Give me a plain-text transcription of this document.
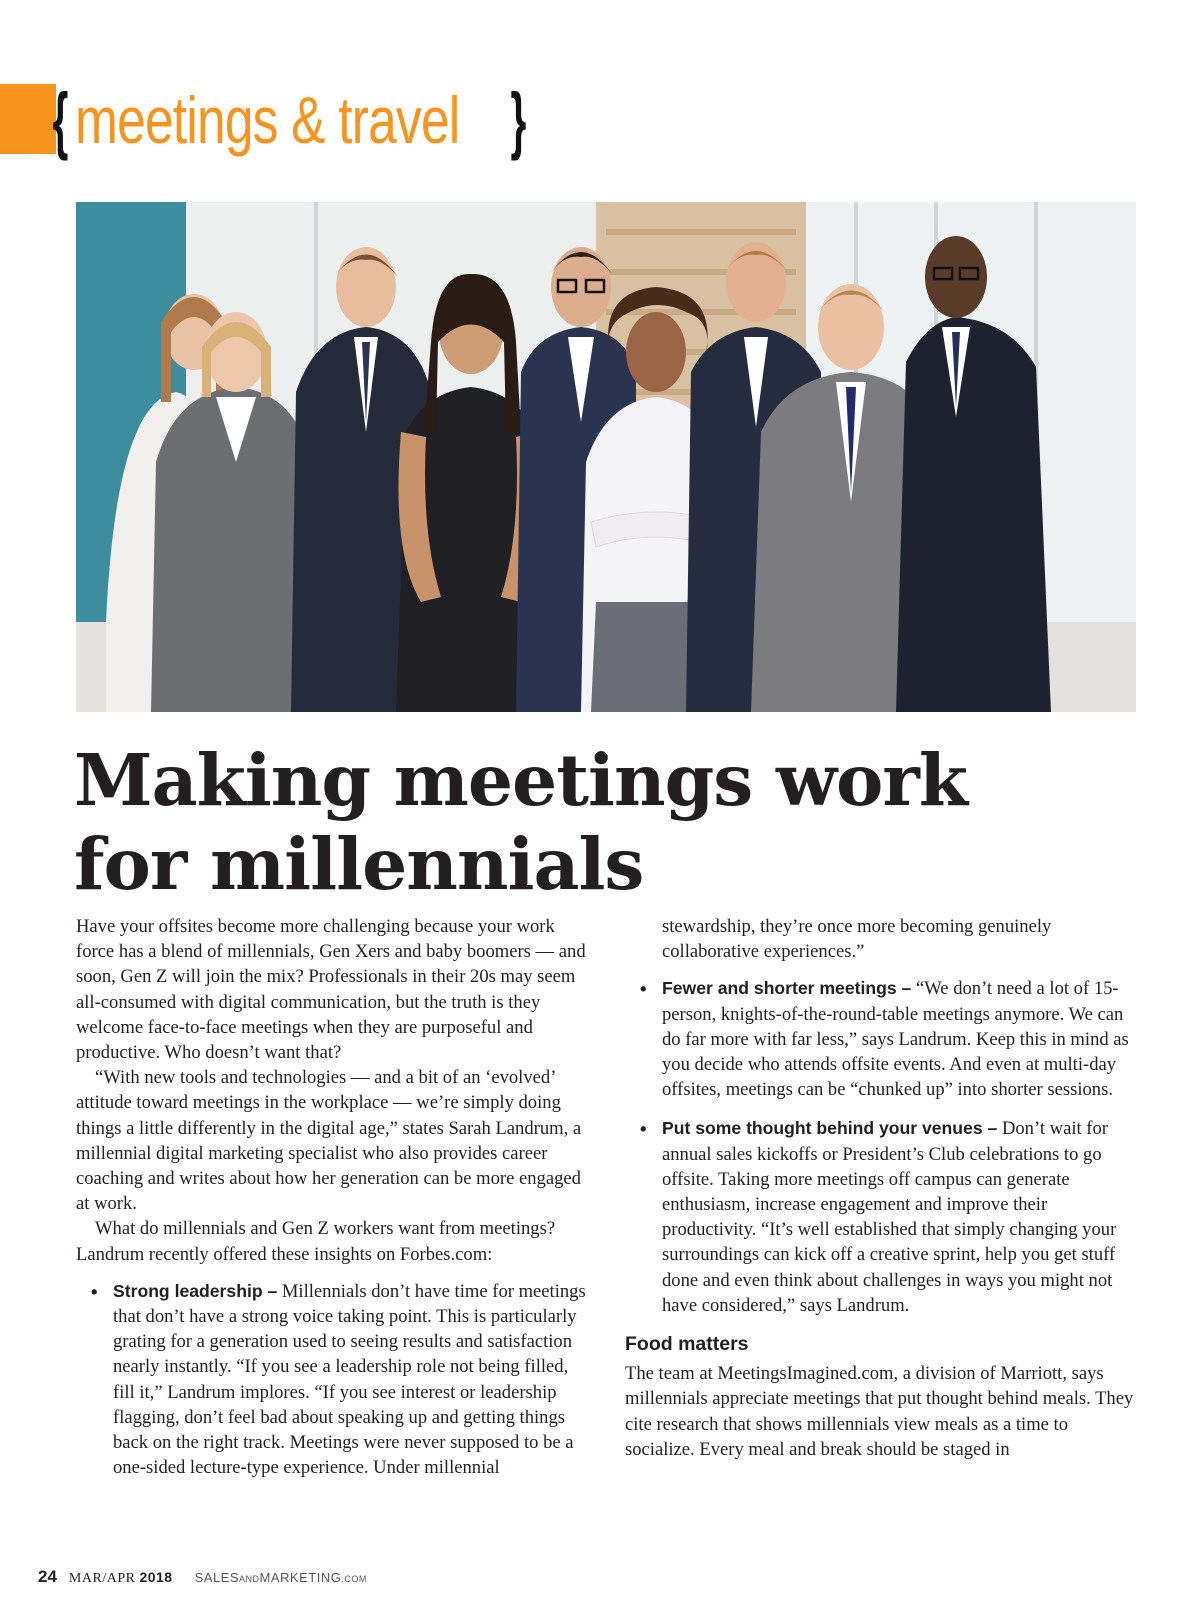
{ meetings & travel }
Making meetings work
for millennials

Have your offsites become more challenging because your work force has a blend of millennials, Gen Xers and baby boomers — and soon, Gen Z will join the mix? Professionals in their 20s may seem all-consumed with digital communication, but the truth is they welcome face-to-face meetings when they are purposeful and productive. Who doesn’t want that?

“With new tools and technologies — and a bit of an ‘evolved’ attitude toward meetings in the workplace — we’re simply doing things a little differently in the digital age,” states Sarah Landrum, a millennial digital marketing specialist who also provides career coaching and writes about how her generation can be more engaged at work.

What do millennials and Gen Z workers want from meetings? Landrum recently offered these insights on Forbes.com:

• Strong leadership – Millennials don’t have time for meetings that don’t have a strong voice taking point. This is particularly grating for a generation used to seeing results and satisfaction nearly instantly. “If you see a leadership role not being filled, fill it,” Landrum implores. “If you see interest or leadership flagging, don’t feel bad about speaking up and getting things back on the right track. Meetings were never supposed to be a one-sided lecture-type experience. Under millennial

stewardship, they’re once more becoming genuinely collaborative experiences.”

• Fewer and shorter meetings – “We don’t need a lot of 15-person, knights-of-the-round-table meetings anymore. We can do far more with far less,” says Landrum. Keep this in mind as you decide who attends offsite events. And even at multi-day offsites, meetings can be “chunked up” into shorter sessions.
• Put some thought behind your venues – Don’t wait for annual sales kickoffs or President’s Club celebrations to go offsite. Taking more meetings off campus can generate enthusiasm, increase engagement and improve their productivity. “It’s well established that simply changing your surroundings can kick off a creative sprint, help you get stuff done and even think about challenges in ways you might not have considered,” says Landrum.
Food matters

The team at MeetingsImagined.com, a division of Marriott, says millennials appreciate meetings that put thought behind meals. They cite research that shows millennials view meals as a time to socialize. Every meal and break should be staged in

24 MAR/APR 2018 SALESANDMARKETING.COM
